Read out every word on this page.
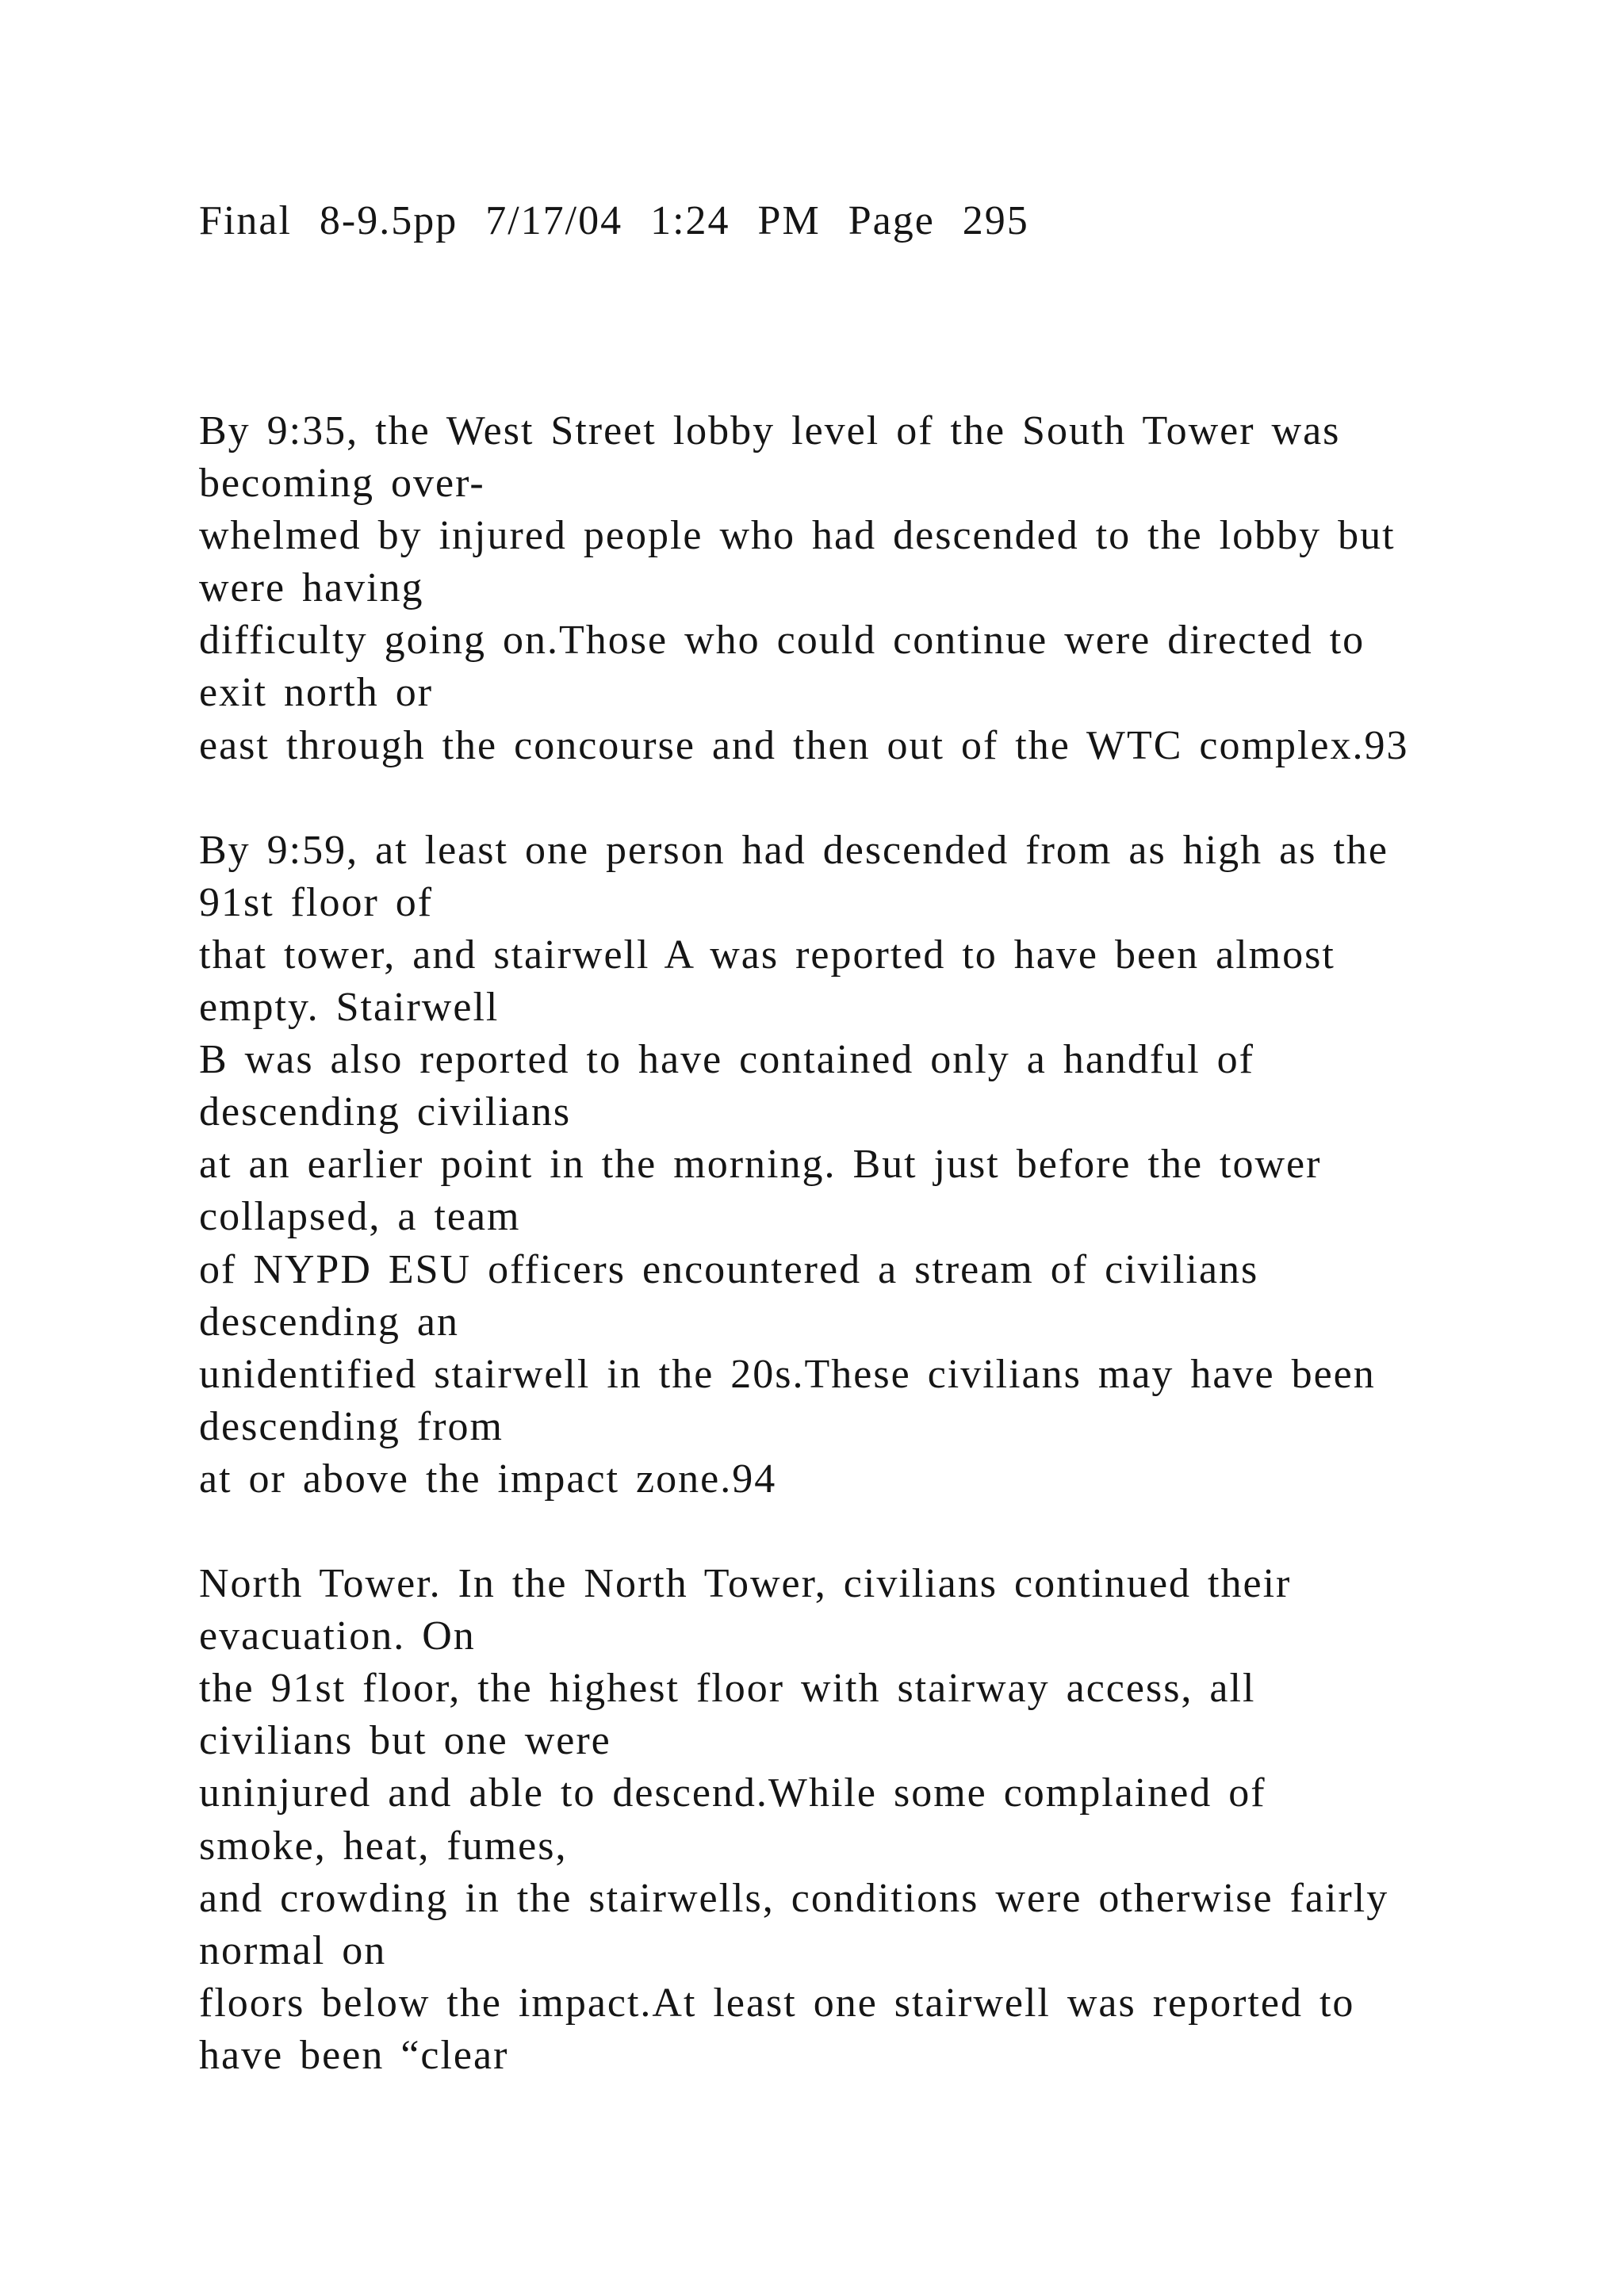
Final 8-9.5pp 7/17/04 1:24 PM Page 295
By 9:35, the West Street lobby level of the South Tower was
becoming over-
whelmed by injured people who had descended to the lobby but
were having
difficulty going on.Those who could continue were directed to
exit north or
east through the concourse and then out of the WTC complex.93
By 9:59, at least one person had descended from as high as the
91st floor of
that tower, and stairwell A was reported to have been almost
empty. Stairwell
B was also reported to have contained only a handful of
descending civilians
at an earlier point in the morning. But just before the tower
collapsed, a team
of NYPD ESU officers encountered a stream of civilians
descending an
unidentified stairwell in the 20s.These civilians may have been
descending from
at or above the impact zone.94
North Tower. In the North Tower, civilians continued their
evacuation. On
the 91st floor, the highest floor with stairway access, all
civilians but one were
uninjured and able to descend.While some complained of
smoke, heat, fumes,
and crowding in the stairwells, conditions were otherwise fairly
normal on
floors below the impact.At least one stairwell was reported to
have been “clear
